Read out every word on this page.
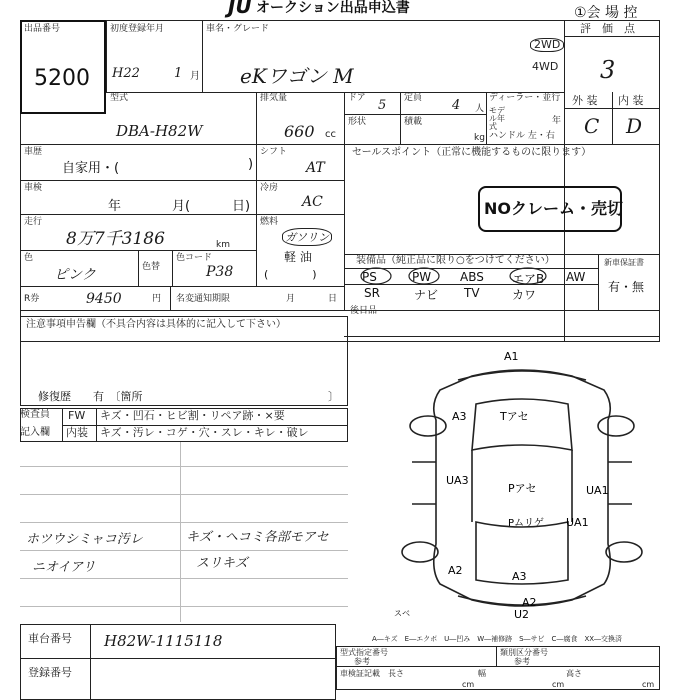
JU オークション出品申込書	①会 場 控
出品番号
5200
初度登録年月
H22	1 月
車名・グレード
eKワゴン M
2WD
4WD
評　価　点
3
型式
DBA-H82W
排気量
660 cc
ドア 5 定員 4 人
形状	積載
kg
ディーラー・並行
モデル年式
年
ハンドル 左・右
外 装 内 装
C D
車歴
自家用・(	)
シフト
AT
車検
年	月(	日)
冷房
AC
走行
8万7千3186	km
燃料
ガソリン
軽 油
(　　　　)
色
ピンク	色替
色コード
P38
セールスポイント（正常に機能するものに限ります）
NOクレーム・売切
装備品（純正品に限り○をつけてください）	新車保証書
有・無
PS	PW ABS エアB AW
SR	ナビ TV	カワ
R券	9450	円 名変通知期限	月	日
後日品
注意事項申告欄（不具合内容は具体的に記入して下さい）
修復歴　　有　〔箇所	〕
検査員
記入欄
FW キズ・凹石・ヒビ割・リペア跡・×要
内装 キズ・汚レ・コゲ・穴・スレ・キレ・破レ
ホツウシミャコ汚レ
ニオイアリ
キズ・ヘコミ各部モアセ
スリキズ
A1
A3	Tアセ
UA3
Pアセ	UA1
UA1
Pムリゲ
A2	A3
A2
U2
スベ
A―キズ　E―エクボ　U―凹み　W―補修跡　S―サビ　C―腐食　XX―交換済
車台番号 H82W-1115118
登録番号
型式指定番号
参考
類別区分番号
参考
車検証記載 長さ
cm
幅
cm
高さ
cm
